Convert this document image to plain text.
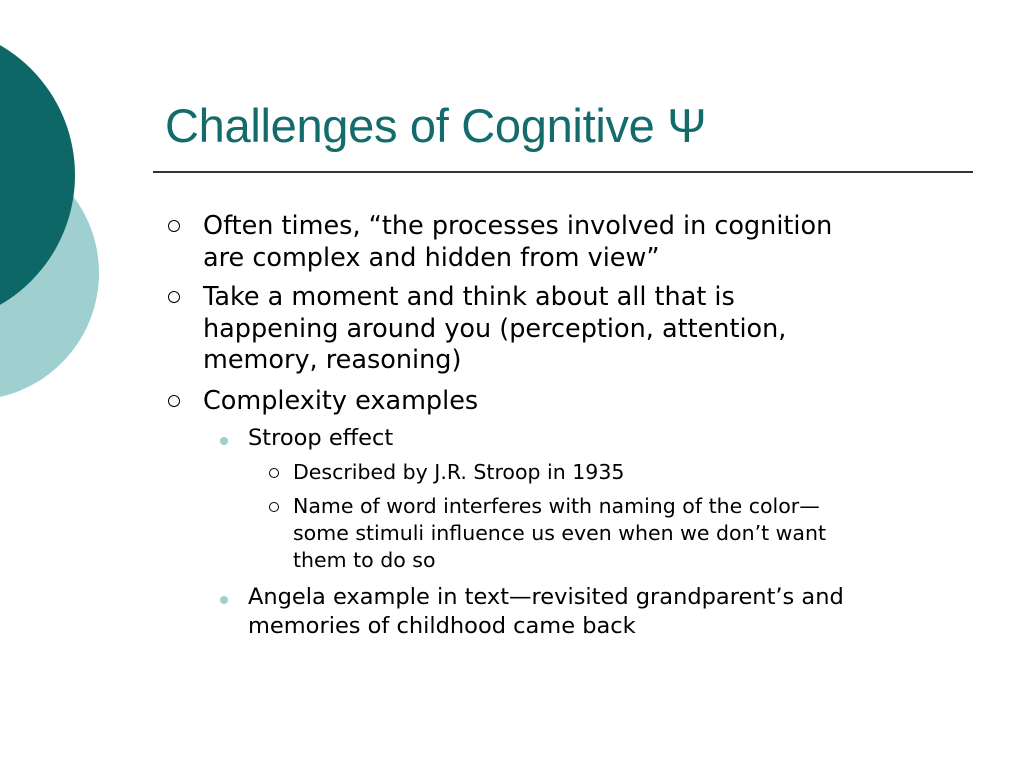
Challenges of Cognitive Ψ
Often times, “the processes involved in cognition
are complex and hidden from view”
Take a moment and think about all that is
happening around you (perception, attention,
memory, reasoning)
Complexity examples
Stroop effect
Described by J.R. Stroop in 1935
Name of word interferes with naming of the color—
some stimuli influence us even when we don’t want
them to do so
Angela example in text—revisited grandparent’s and
memories of childhood came back
